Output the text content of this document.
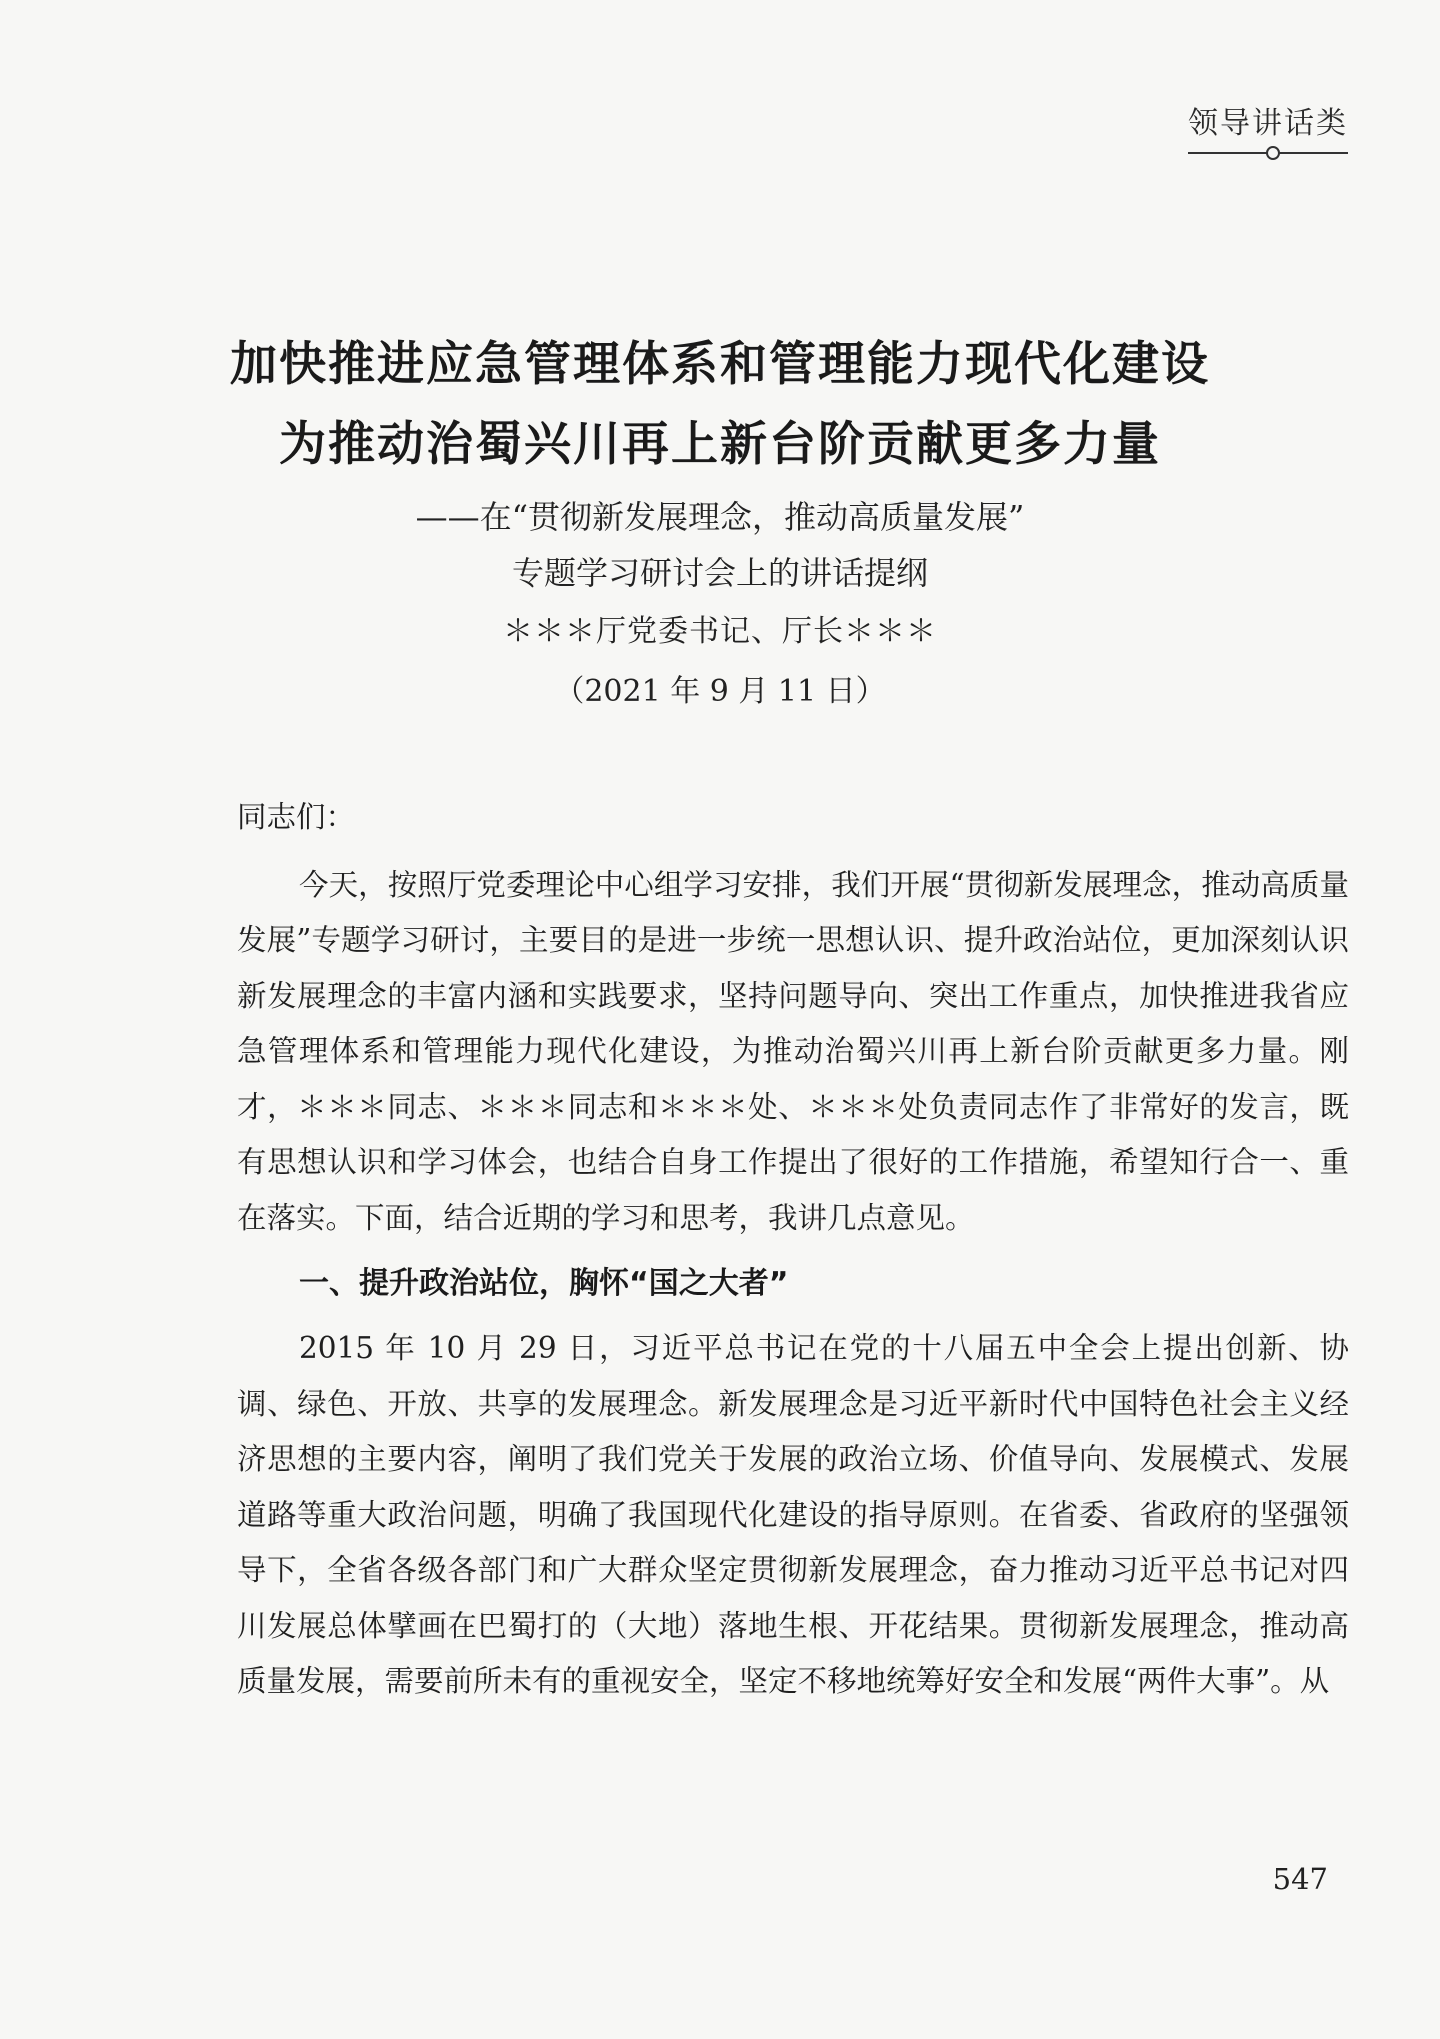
领导讲话类
加快推进应急管理体系和管理能力现代化建设
为推动治蜀兴川再上新台阶贡献更多力量
——在“贯彻新发展理念，推动高质量发展”
专题学习研讨会上的讲话提纲
＊＊＊厅党委书记、厅长＊＊＊
（2021 年 9 月 11 日）

同志们：

今天，按照厅党委理论中心组学习安排，我们开展“贯彻新发展理念，推动高质量发展”专题学习研讨，主要目的是进一步统一思想认识、提升政治站位，更加深刻认识新发展理念的丰富内涵和实践要求，坚持问题导向、突出工作重点，加快推进我省应急管理体系和管理能力现代化建设，为推动治蜀兴川再上新台阶贡献更多力量。刚才，＊＊＊同志、＊＊＊同志和＊＊＊处、＊＊＊处负责同志作了非常好的发言，既有思想认识和学习体会，也结合自身工作提出了很好的工作措施，希望知行合一、重在落实。下面，结合近期的学习和思考，我讲几点意见。

一、提升政治站位，胸怀“国之大者”

2015 年 10 月 29 日，习近平总书记在党的十八届五中全会上提出创新、协调、绿色、开放、共享的发展理念。新发展理念是习近平新时代中国特色社会主义经济思想的主要内容，阐明了我们党关于发展的政治立场、价值导向、发展模式、发展道路等重大政治问题，明确了我国现代化建设的指导原则。在省委、省政府的坚强领导下，全省各级各部门和广大群众坚定贯彻新发展理念，奋力推动习近平总书记对四川发展总体擘画在巴蜀打的（大地）落地生根、开花结果。贯彻新发展理念，推动高质量发展，需要前所未有的重视安全，坚定不移地统筹好安全和发展“两件大事”。从

547
